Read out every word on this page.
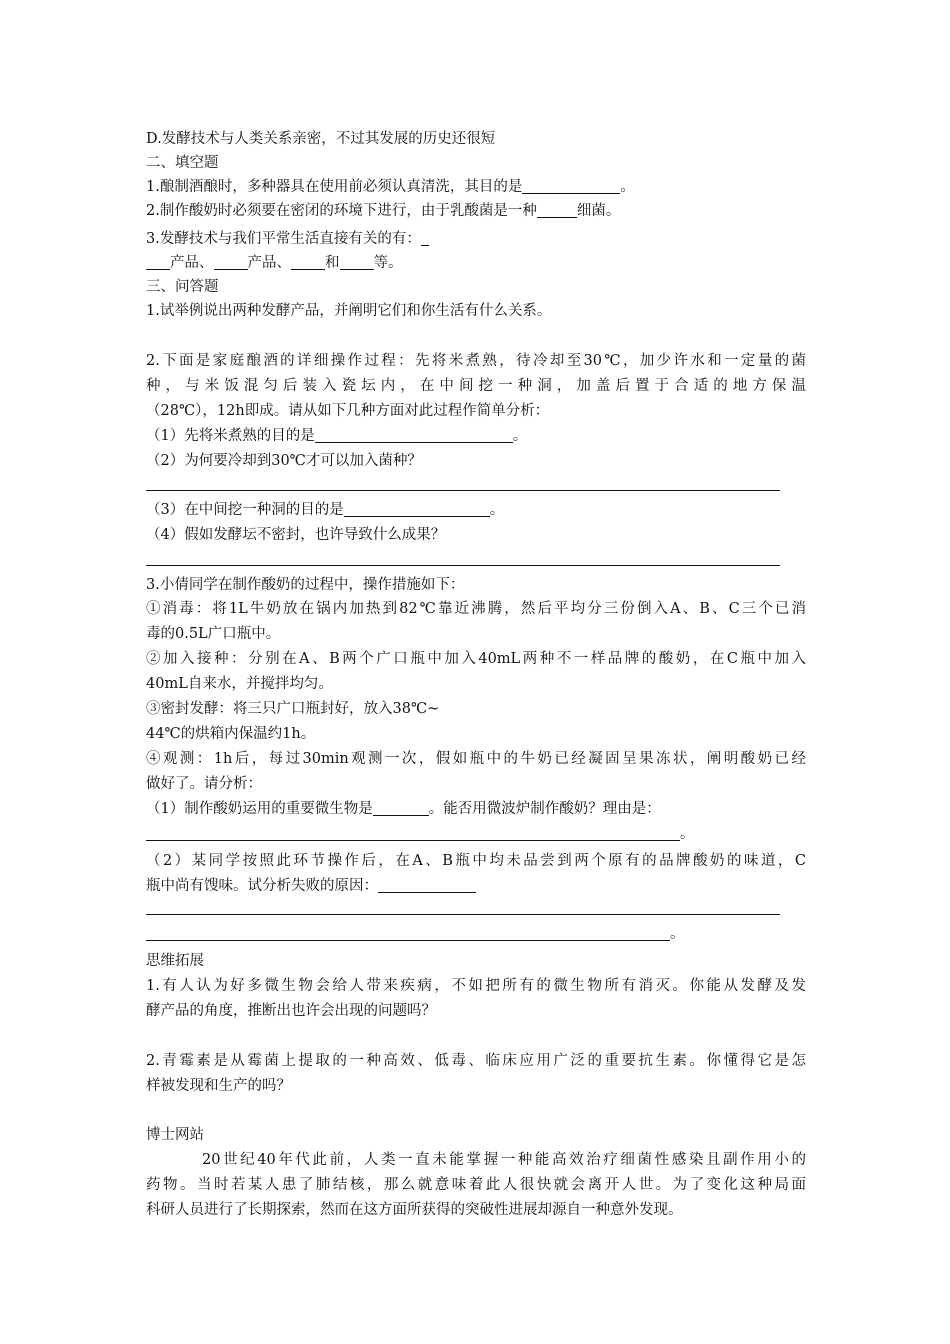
D.发酵技术与人类关系亲密，不过其发展的历史还很短
二、填空题
1.酿制酒酿时，多种器具在使用前必须认真清洗，其目的是	。
2.制作酸奶时必须要在密闭的环境下进行，由于乳酸菌是一种	细菌。
3.发酵技术与我们平常生活直接有关的有：
产品、 产品、 和 等。
三、问答题
1.试举例说出两种发酵产品，并阐明它们和你生活有什么关系。
2.下面是家庭酿酒的详细操作过程：先将米煮熟，待冷却至30℃，加少许水和一定量的菌
种，与米饭混匀后装入瓷坛内，在中间挖一种洞，加盖后置于合适的地方保温
（28℃），12h即成。请从如下几种方面对此过程作简单分析：
（1）先将米煮熟的目的是	。
（2）为何要冷却到30℃才可以加入菌种？
（3）在中间挖一种洞的目的是	。
（4）假如发酵坛不密封，也许导致什么成果？
3.小倩同学在制作酸奶的过程中，操作措施如下：
①消毒：将1L牛奶放在锅内加热到82℃靠近沸腾，然后平均分三份倒入A、B、C三个已消
毒的0.5L广口瓶中。
②加入接种：分别在A、B两个广口瓶中加入40mL两种不一样品牌的酸奶，在C瓶中加入
40mL自来水，并搅拌均匀。
③密封发酵：将三只广口瓶封好，放入38℃~
44℃的烘箱内保温约1h。
④观测：1h后，每过30min观测一次，假如瓶中的牛奶已经凝固呈果冻状，阐明酸奶已经
做好了。请分析：
（1）制作酸奶运用的重要微生物是	。能否用微波炉制作酸奶？理由是：
。
（2）某同学按照此环节操作后，在A、B瓶中均未品尝到两个原有的品牌酸奶的味道，C
瓶中尚有馊味。试分析失败的原因：
。
思维拓展
1.有人认为好多微生物会给人带来疾病，不如把所有的微生物所有消灭。你能从发酵及发
酵产品的角度，推断出也许会出现的问题吗？
2.青霉素是从霉菌上提取的一种高效、低毒、临床应用广泛的重要抗生素。你懂得它是怎
样被发现和生产的吗？
博士网站
20世纪40年代此前，人类一直未能掌握一种能高效治疗细菌性感染且副作用小的
药物。当时若某人患了肺结核，那么就意味着此人很快就会离开人世。为了变化这种局面
科研人员进行了长期探索，然而在这方面所获得的突破性进展却源自一种意外发现。
